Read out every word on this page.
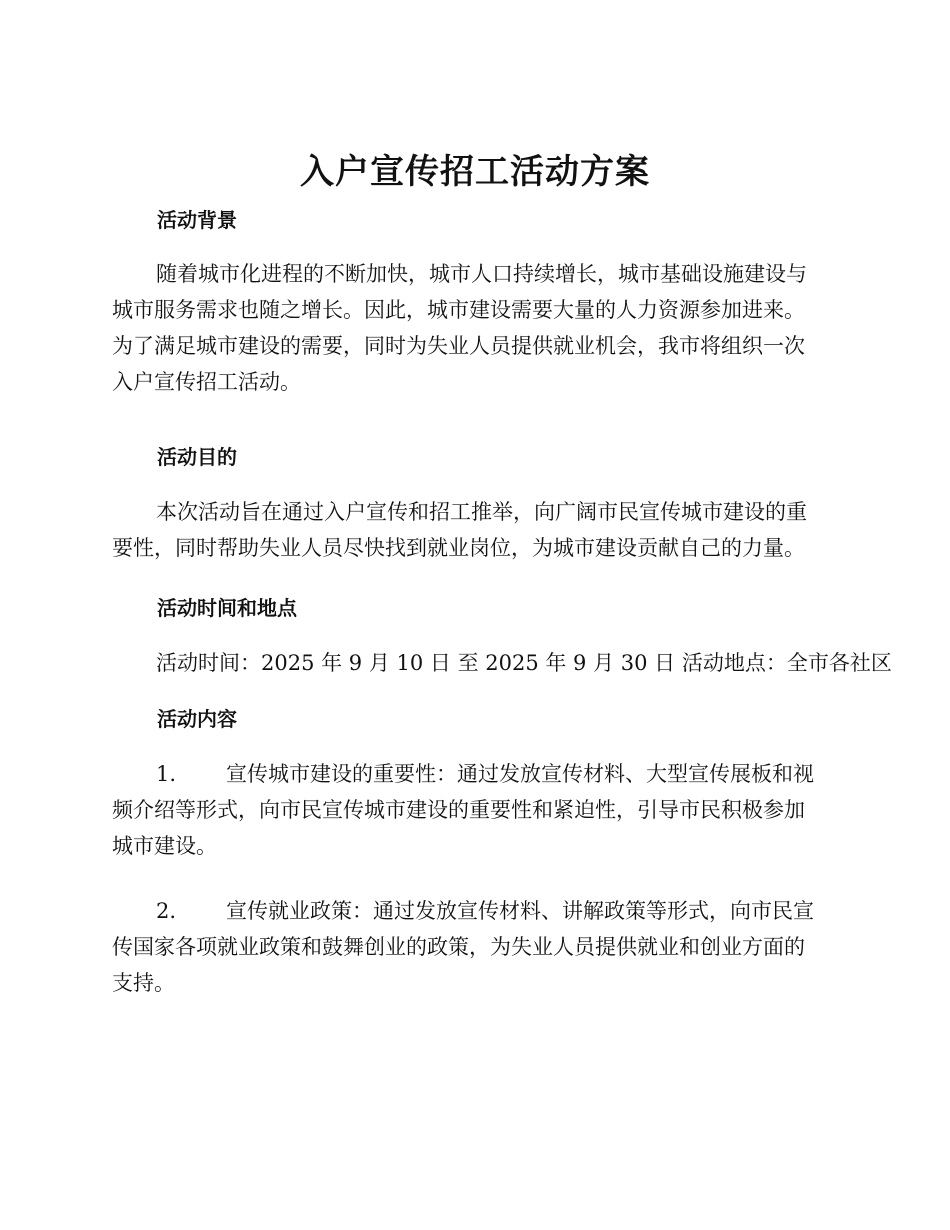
入户宣传招工活动方案
活动背景
随着城市化进程的不断加快，城市人口持续增长，城市基础设施建设与
城市服务需求也随之增长。因此，城市建设需要大量的人力资源参加进来。
为了满足城市建设的需要，同时为失业人员提供就业机会，我市将组织一次
入户宣传招工活动。
活动目的
本次活动旨在通过入户宣传和招工推举，向广阔市民宣传城市建设的重
要性，同时帮助失业人员尽快找到就业岗位，为城市建设贡献自己的力量。
活动时间和地点
活动时间：2025 年 9 月 10 日 至 2025 年 9 月 30 日 活动地点：全市各社区
活动内容
1. 宣传城市建设的重要性：通过发放宣传材料、大型宣传展板和视
频介绍等形式，向市民宣传城市建设的重要性和紧迫性，引导市民积极参加
城市建设。
2. 宣传就业政策：通过发放宣传材料、讲解政策等形式，向市民宣
传国家各项就业政策和鼓舞创业的政策，为失业人员提供就业和创业方面的
支持。
